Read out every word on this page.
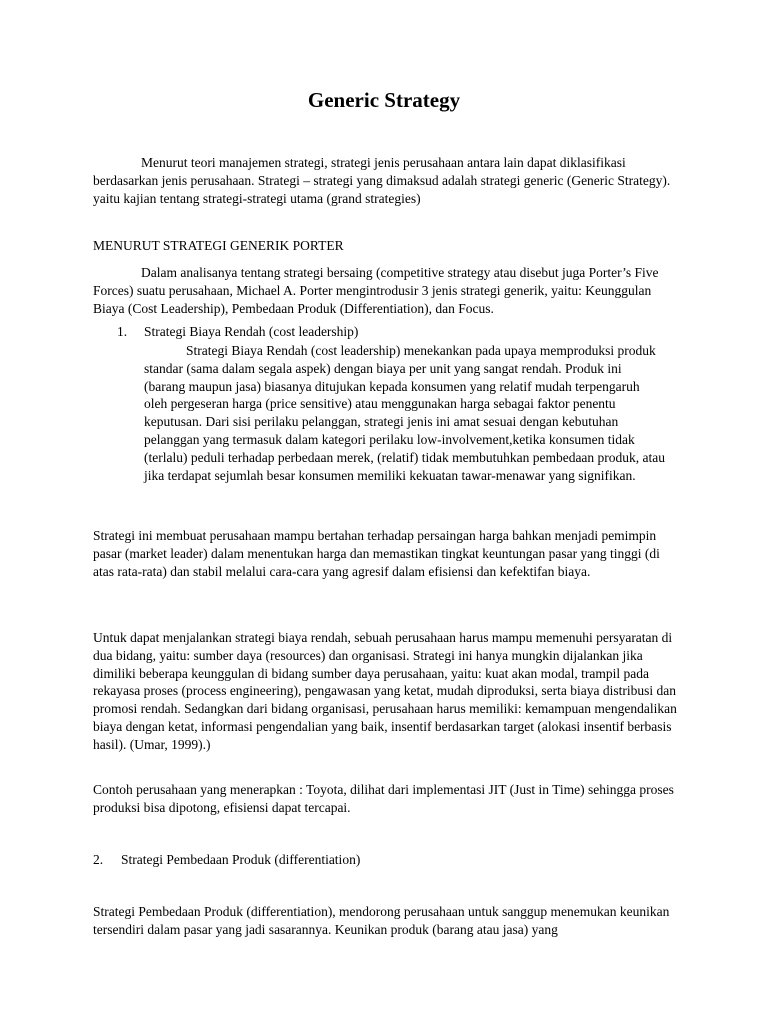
Generic Strategy

Menurut teori manajemen strategi, strategi jenis perusahaan antara lain dapat diklasifikasi berdasarkan jenis perusahaan. Strategi – strategi yang dimaksud adalah strategi generic (Generic Strategy). yaitu kajian tentang strategi-strategi utama (grand strategies)

MENURUT STRATEGI GENERIK PORTER

Dalam analisanya tentang strategi bersaing (competitive strategy atau disebut juga Porter’s Five Forces) suatu perusahaan, Michael A. Porter mengintrodusir 3 jenis strategi generik, yaitu: Keunggulan Biaya (Cost Leadership), Pembedaan Produk (Differentiation), dan Focus.

1. Strategi Biaya Rendah (cost leadership)

Strategi Biaya Rendah (cost leadership) menekankan pada upaya memproduksi produk standar (sama dalam segala aspek) dengan biaya per unit yang sangat rendah. Produk ini (barang maupun jasa) biasanya ditujukan kepada konsumen yang relatif mudah terpengaruh oleh pergeseran harga (price sensitive) atau menggunakan harga sebagai faktor penentu keputusan. Dari sisi perilaku pelanggan, strategi jenis ini amat sesuai dengan kebutuhan pelanggan yang termasuk dalam kategori perilaku low-involvement,ketika konsumen tidak (terlalu) peduli terhadap perbedaan merek, (relatif) tidak membutuhkan pembedaan produk, atau jika terdapat sejumlah besar konsumen memiliki kekuatan tawar-menawar yang signifikan.

Strategi ini membuat perusahaan mampu bertahan terhadap persaingan harga bahkan menjadi pemimpin pasar (market leader) dalam menentukan harga dan memastikan tingkat keuntungan pasar yang tinggi (di atas rata-rata) dan stabil melalui cara-cara yang agresif dalam efisiensi dan kefektifan biaya.

Untuk dapat menjalankan strategi biaya rendah, sebuah perusahaan harus mampu memenuhi persyaratan di dua bidang, yaitu: sumber daya (resources) dan organisasi. Strategi ini hanya mungkin dijalankan jika dimiliki beberapa keunggulan di bidang sumber daya perusahaan, yaitu: kuat akan modal, trampil pada rekayasa proses (process engineering), pengawasan yang ketat, mudah diproduksi, serta biaya distribusi dan promosi rendah. Sedangkan dari bidang organisasi, perusahaan harus memiliki: kemampuan mengendalikan biaya dengan ketat, informasi pengendalian yang baik, insentif berdasarkan target (alokasi insentif berbasis hasil). (Umar, 1999).)

Contoh perusahaan yang menerapkan : Toyota, dilihat dari implementasi JIT (Just in Time) sehingga proses produksi bisa dipotong, efisiensi dapat tercapai.

2. Strategi Pembedaan Produk (differentiation)

Strategi Pembedaan Produk (differentiation), mendorong perusahaan untuk sanggup menemukan keunikan tersendiri dalam pasar yang jadi sasarannya. Keunikan produk (barang atau jasa) yang
